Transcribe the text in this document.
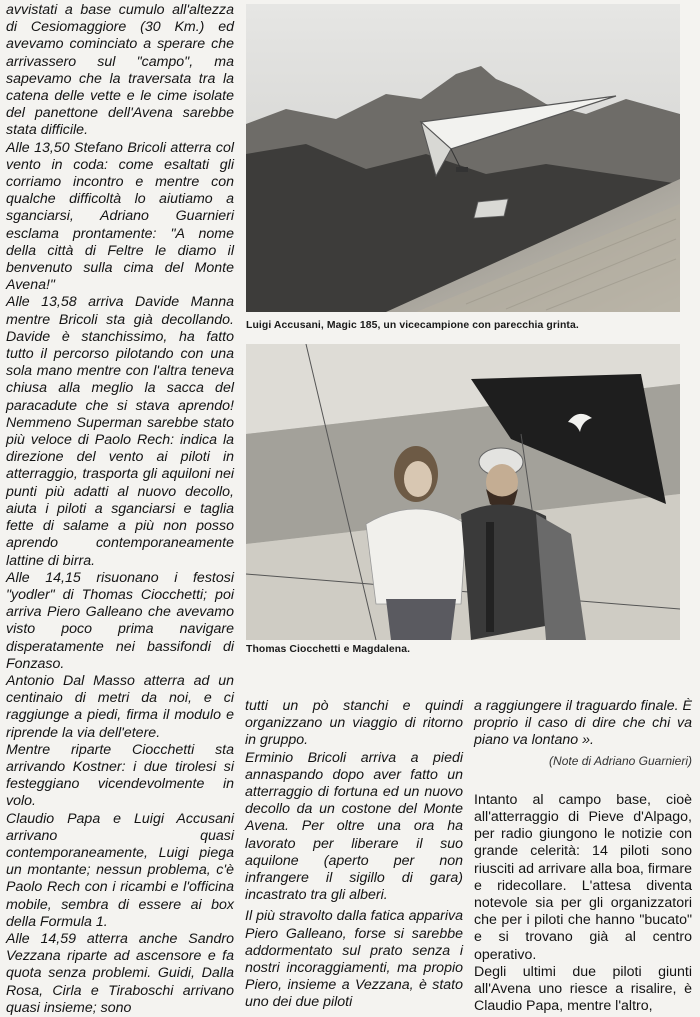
avvistati a base cumulo all'altezza di Cesiomaggiore (30 Km.) ed avevamo cominciato a sperare che arrivassero sul "campo", ma sapevamo che la traversata tra la catena delle vette e le cime isolate del panettone dell'Avena sarebbe stata difficile.

Alle 13,50 Stefano Bricoli atterra col vento in coda: come esaltati gli corriamo incontro e mentre con qualche difficoltà lo aiutiamo a sganciarsi, Adriano Guarnieri esclama prontamente: "A nome della città di Feltre le diamo il benvenuto sulla cima del Monte Avena!"

Alle 13,58 arriva Davide Manna mentre Bricoli sta già decollando. Davide è stanchissimo, ha fatto tutto il percorso pilotando con una sola mano mentre con l'altra teneva chiusa alla meglio la sacca del paracadute che si stava aprendo! Nemmeno Superman sarebbe stato più veloce di Paolo Rech: indica la direzione del vento ai piloti in atterraggio, trasporta gli aquiloni nei punti più adatti al nuovo decollo, aiuta i piloti a sganciarsi e taglia fette di salame a più non posso aprendo contemporaneamente lattine di birra.

Alle 14,15 risuonano i festosi "yodler" di Thomas Ciocchetti; poi arriva Piero Galleano che avevamo visto poco prima navigare disperatamente nei bassifondi di Fonzaso.

Antonio Dal Masso atterra ad un centinaio di metri da noi, e ci raggiunge a piedi, firma il modulo e riprende la via dell'etere.

Mentre riparte Ciocchetti sta arrivando Kostner: i due tirolesi si festeggiano vicendevolmente in volo.

Claudio Papa e Luigi Accusani arrivano quasi contemporaneamente, Luigi piega un montante; nessun problema, c'è Paolo Rech con i ricambi e l'officina mobile, sembra di essere ai box della Formula 1.

Alle 14,59 atterra anche Sandro Vezzana riparte ad ascensore e fa quota senza problemi. Guidi, Dalla Rosa, Cirla e Tiraboschi arrivano quasi insieme; sono

Luigi Accusani, Magic 185, un vicecampione con parecchia grinta.
Thomas Ciocchetti e Magdalena.

tutti un pò stanchi e quindi organizzano un viaggio di ritorno in gruppo.

Erminio Bricoli arriva a piedi annaspando dopo aver fatto un atterraggio di fortuna ed un nuovo decollo da un costone del Monte Avena. Per oltre una ora ha lavorato per liberare il suo aquilone (aperto per non infrangere il sigillo di gara) incastrato tra gli alberi.

Il più stravolto dalla fatica appariva Piero Galleano, forse si sarebbe addormentato sul prato senza i nostri incoraggiamenti, ma propio Piero, insieme a Vezzana, è stato uno dei due piloti

a raggiungere il traguardo finale. È proprio il caso di dire che chi va piano va lontano ».

(Note di Adriano Guarnieri)

Intanto al campo base, cioè all'atterraggio di Pieve d'Alpago, per radio giungono le notizie con grande celerità: 14 piloti sono riusciti ad arrivare alla boa, firmare e ridecollare. L'attesa diventa notevole sia per gli organizzatori che per i piloti che hanno "bucato" e si trovano già al centro operativo.

Degli ultimi due piloti giunti all'Avena uno riesce a risalire, è Claudio Papa, mentre l'altro,
